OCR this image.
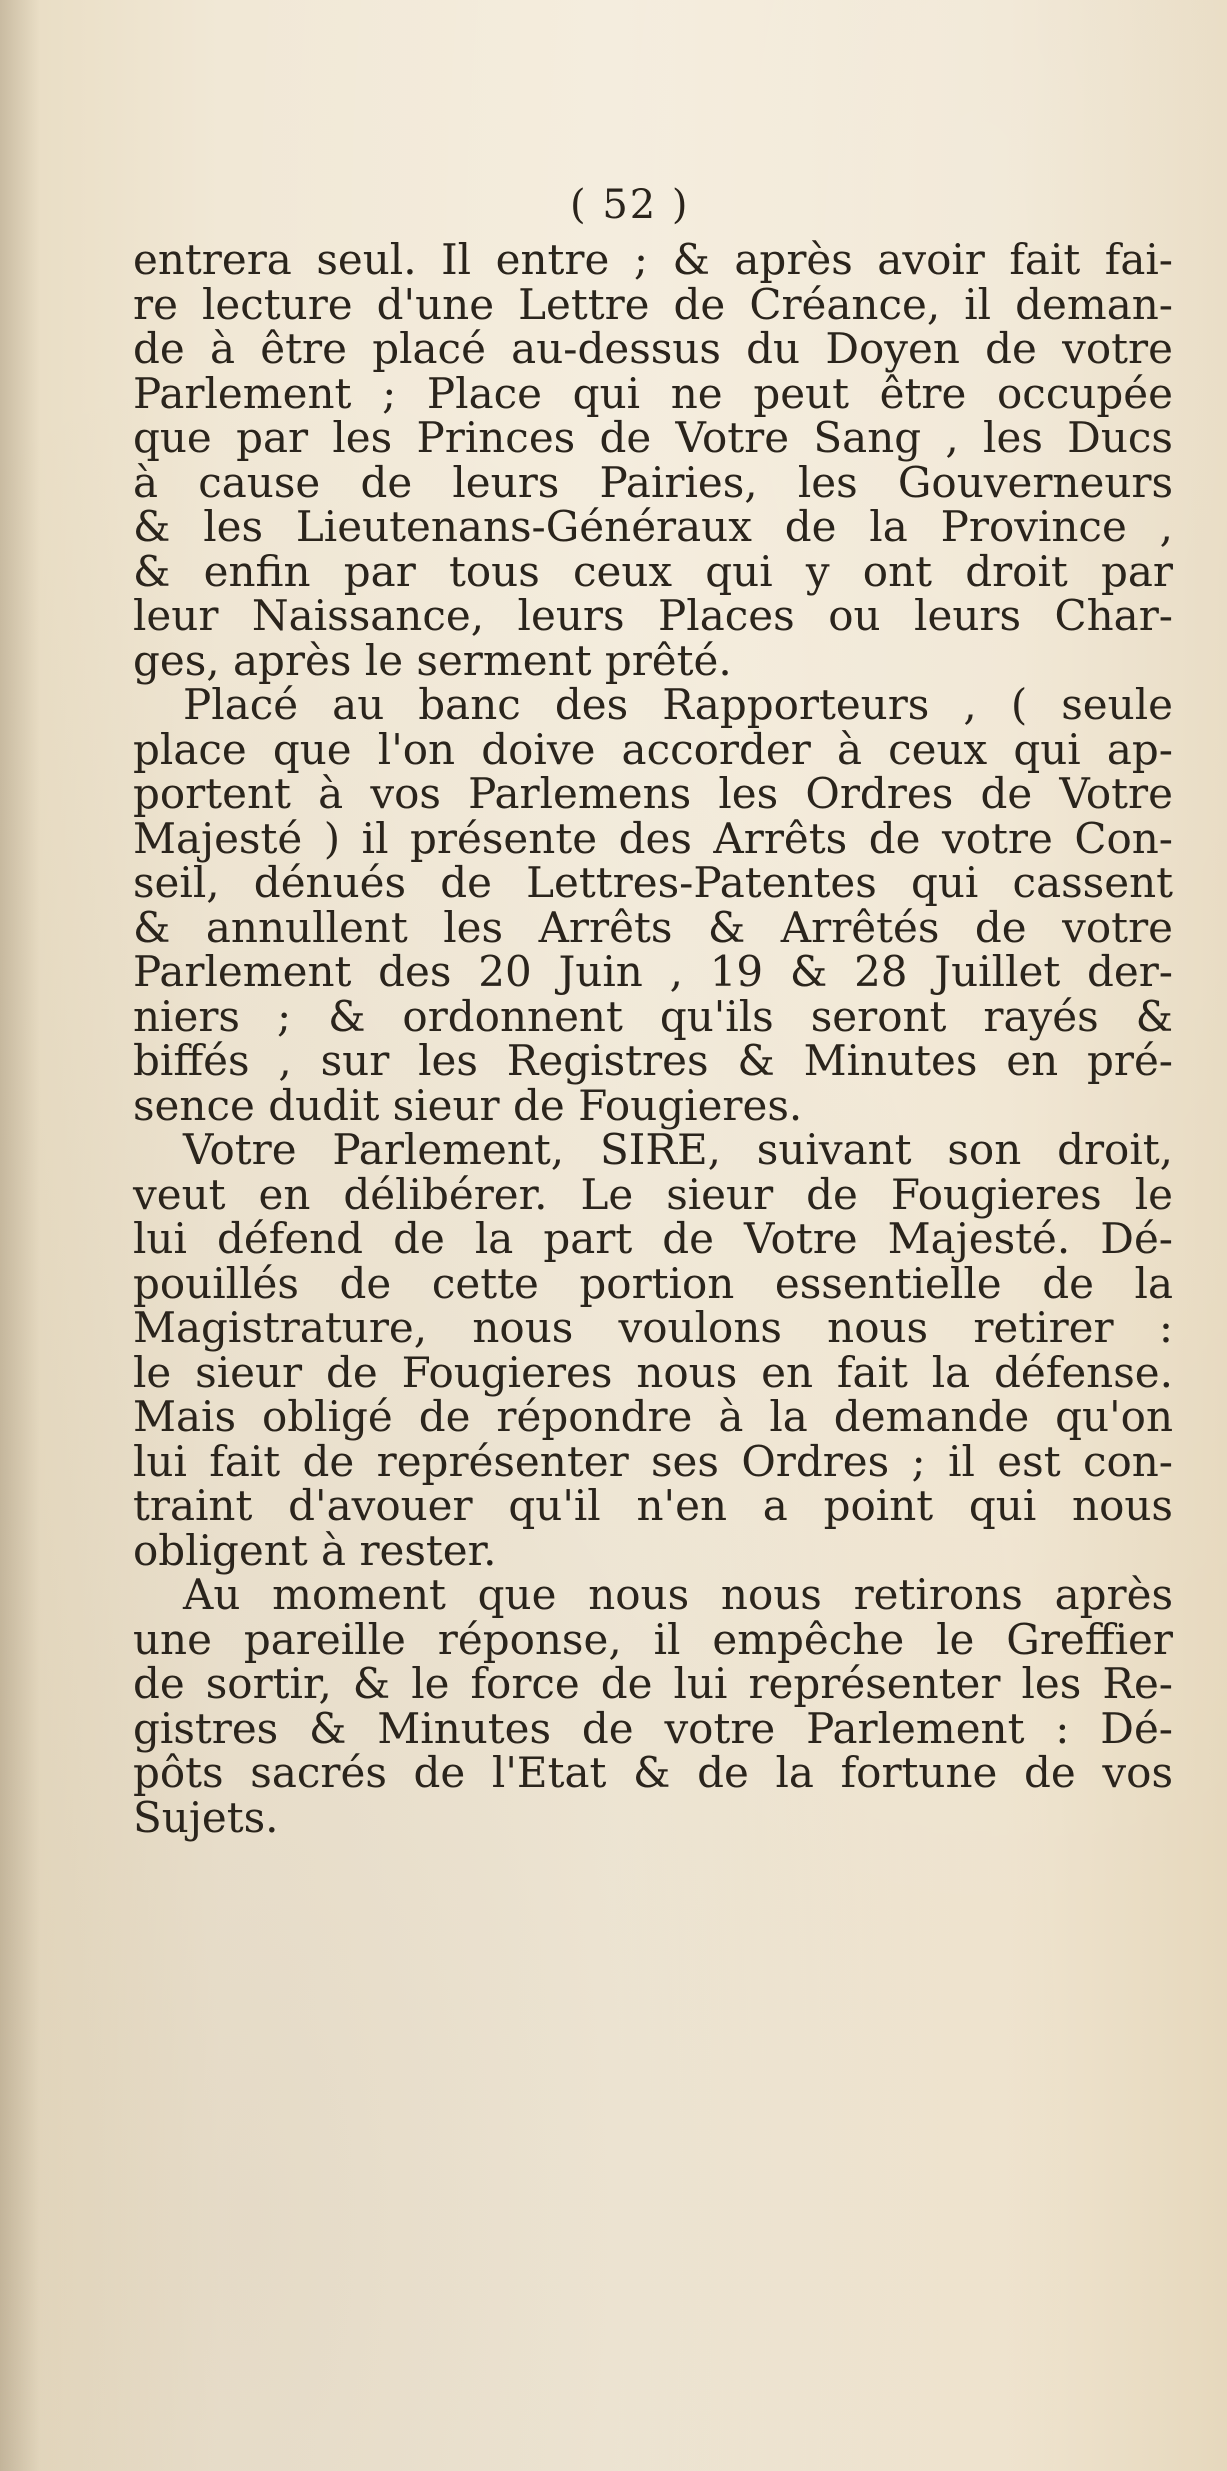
( 52 )
entrera seul. Il entre ; & après avoir fait fai-
re lecture d'une Lettre de Créance, il deman-
de à être placé au-dessus du Doyen de votre
Parlement ; Place qui ne peut être occupée
que par les Princes de Votre Sang , les Ducs
à cause de leurs Pairies, les Gouverneurs
& les Lieutenans-Généraux de la Province ,
& enfin par tous ceux qui y ont droit par
leur Naissance, leurs Places ou leurs Char-
ges, après le serment prêté.
Placé au banc des Rapporteurs , ( seule
place que l'on doive accorder à ceux qui ap-
portent à vos Parlemens les Ordres de Votre
Majesté ) il présente des Arrêts de votre Con-
seil, dénués de Lettres-Patentes qui cassent
& annullent les Arrêts & Arrêtés de votre
Parlement des 20 Juin , 19 & 28 Juillet der-
niers ; & ordonnent qu'ils seront rayés &
biffés , sur les Registres & Minutes en pré-
sence dudit sieur de Fougieres.
Votre Parlement, SIRE, suivant son droit,
veut en délibérer. Le sieur de Fougieres le
lui défend de la part de Votre Majesté. Dé-
pouillés de cette portion essentielle de la
Magistrature, nous voulons nous retirer :
le sieur de Fougieres nous en fait la défense.
Mais obligé de répondre à la demande qu'on
lui fait de représenter ses Ordres ; il est con-
traint d'avouer qu'il n'en a point qui nous
obligent à rester.
Au moment que nous nous retirons après
une pareille réponse, il empêche le Greffier
de sortir, & le force de lui représenter les Re-
gistres & Minutes de votre Parlement : Dé-
pôts sacrés de l'Etat & de la fortune de vos
Sujets.
